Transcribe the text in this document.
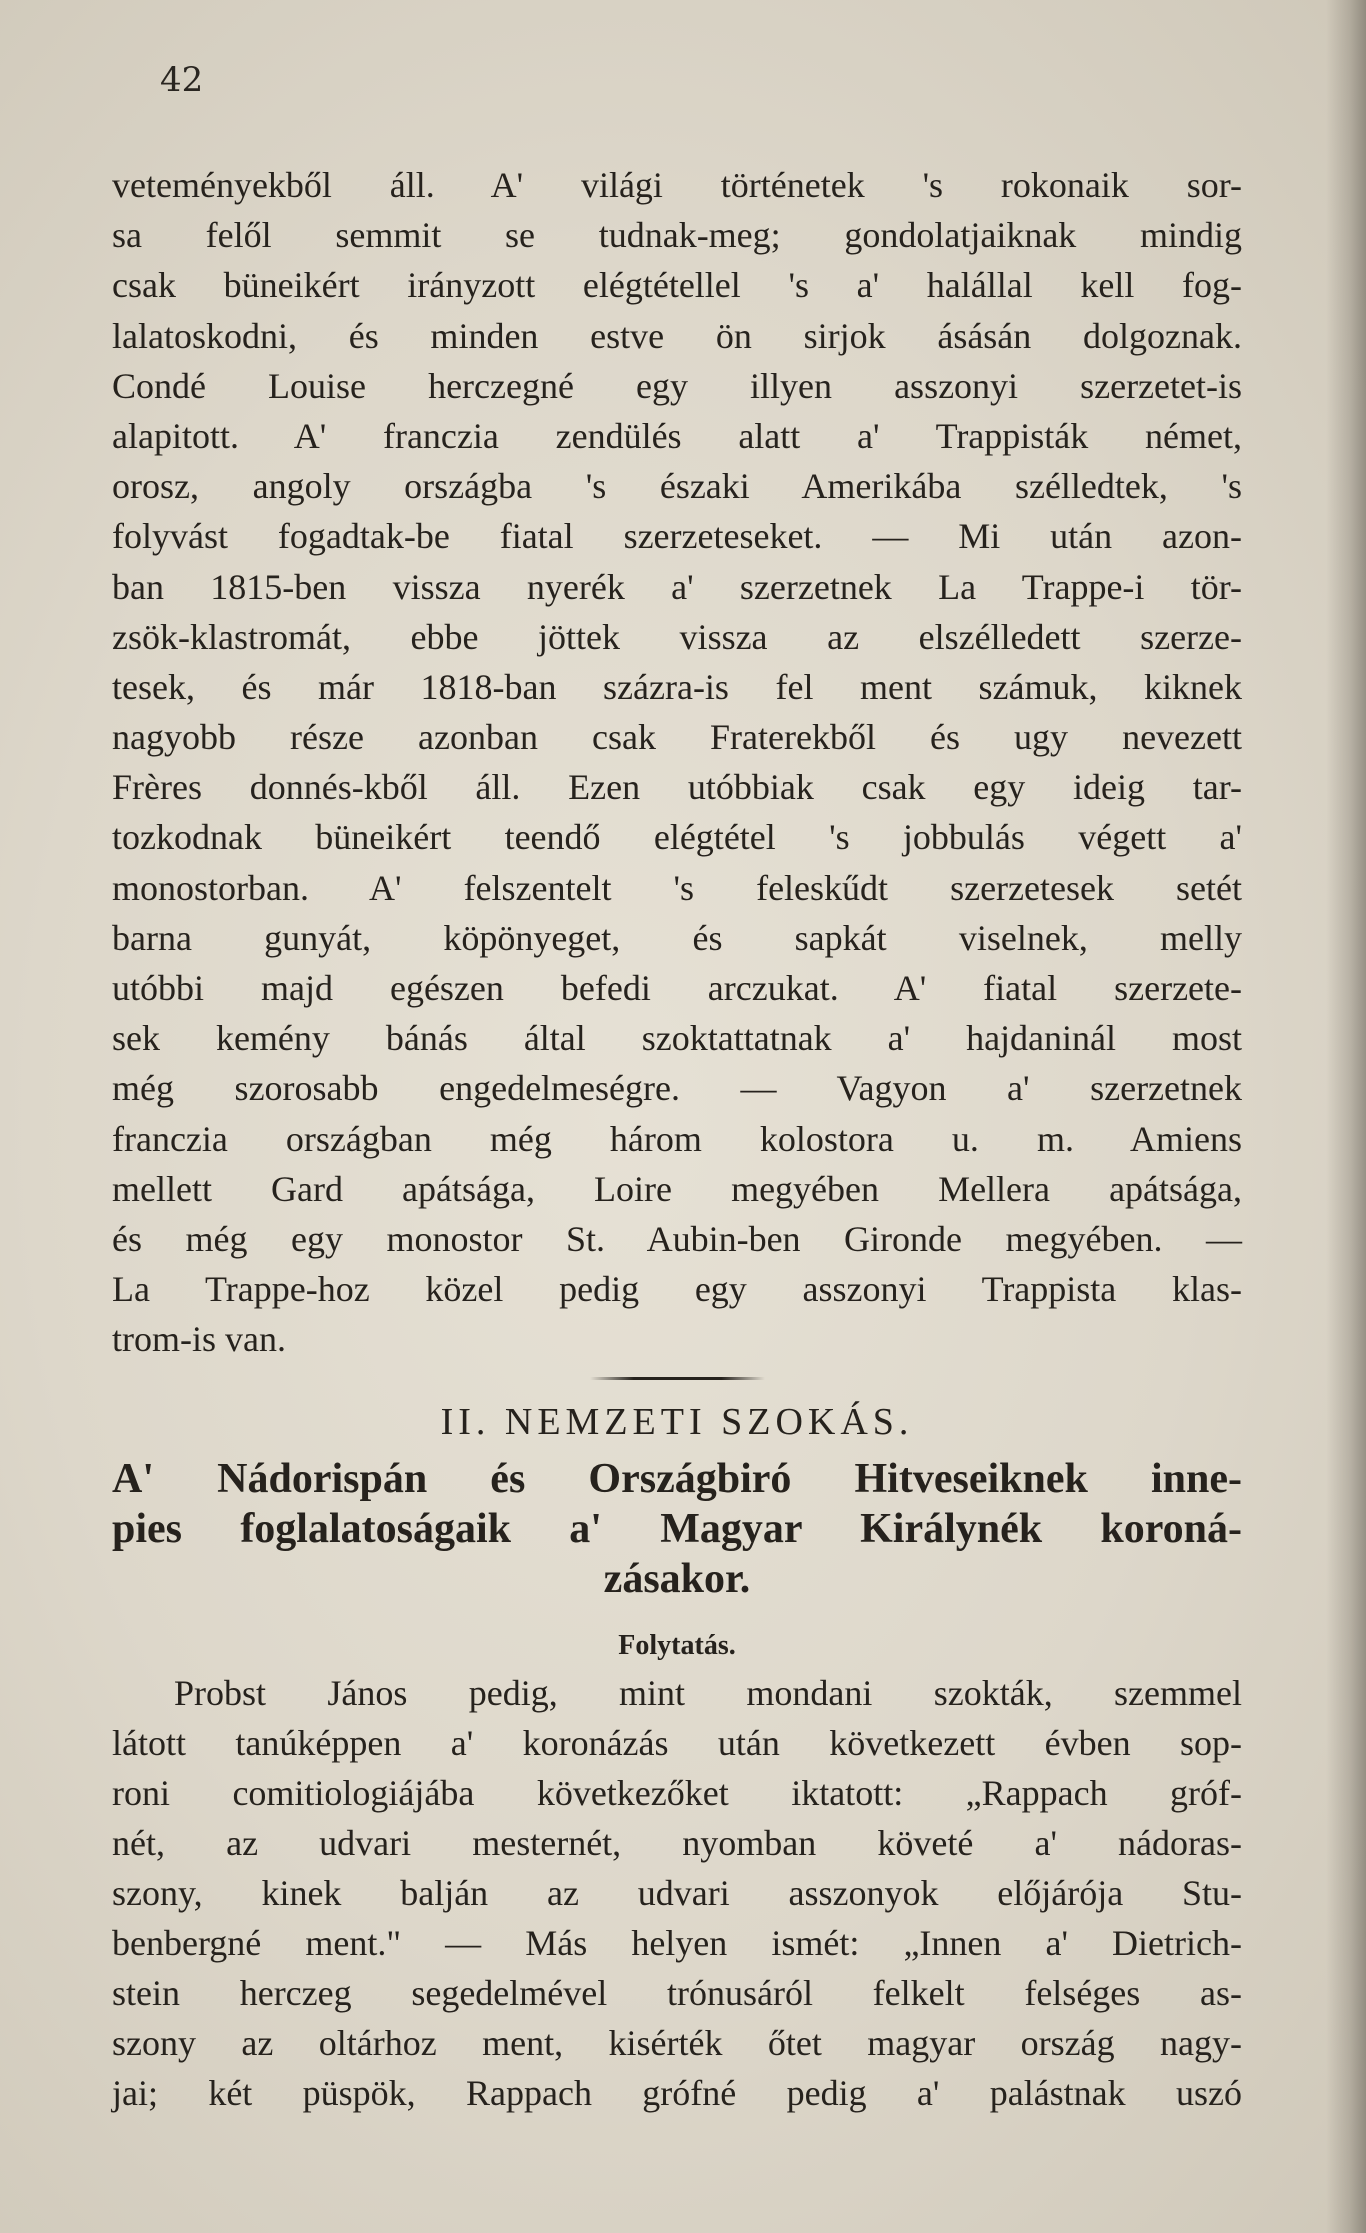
42
veteményekből áll. A' világi történetek 's rokonaik sor-
sa felől semmit se tudnak-meg; gondolatjaiknak mindig
csak büneikért irányzott elégtétellel 's a' halállal kell fog-
lalatoskodni, és minden estve ön sirjok ásásán dolgoznak.
Condé Louise herczegné egy illyen asszonyi szerzetet-is
alapitott. A' franczia zendülés alatt a' Trappisták német,
orosz, angoly országba 's északi Amerikába szélledtek, 's
folyvást fogadtak-be fiatal szerzeteseket. — Mi után azon-
ban 1815-ben vissza nyerék a' szerzetnek La Trappe-i tör-
zsök-klastromát, ebbe jöttek vissza az elszélledett szerze-
tesek, és már 1818-ban százra-is fel ment számuk, kiknek
nagyobb része azonban csak Fraterekből és ugy nevezett
Frères donnés-kből áll. Ezen utóbbiak csak egy ideig tar-
tozkodnak büneikért teendő elégtétel 's jobbulás végett a'
monostorban. A' felszentelt 's feleskűdt szerzetesek setét
barna gunyát, köpönyeget, és sapkát viselnek, melly
utóbbi majd egészen befedi arczukat. A' fiatal szerzete-
sek kemény bánás által szoktattatnak a' hajdaninál most
még szorosabb engedelmeségre. — Vagyon a' szerzetnek
franczia országban még három kolostora u. m. Amiens
mellett Gard apátsága, Loire megyében Mellera apátsága,
és még egy monostor St. Aubin-ben Gironde megyében. —
La Trappe-hoz közel pedig egy asszonyi Trappista klas-
trom-is van.
II. NEMZETI SZOKÁS.
A' Nádorispán és Országbiró Hitveseiknek inne-
pies foglalatoságaik a' Magyar Királynék koroná-
zásakor.
Folytatás.
Probst János pedig, mint mondani szokták, szemmel
látott tanúképpen a' koronázás után következett évben sop-
roni comitiologiájába következőket iktatott: „Rappach gróf-
nét, az udvari mesternét, nyomban követé a' nádoras-
szony, kinek balján az udvari asszonyok előjárója Stu-
benbergné ment." — Más helyen ismét: „Innen a' Dietrich-
stein herczeg segedelmével trónusáról felkelt felséges as-
szony az oltárhoz ment, kisérték őtet magyar ország nagy-
jai; két püspök, Rappach grófné pedig a' palástnak uszó
